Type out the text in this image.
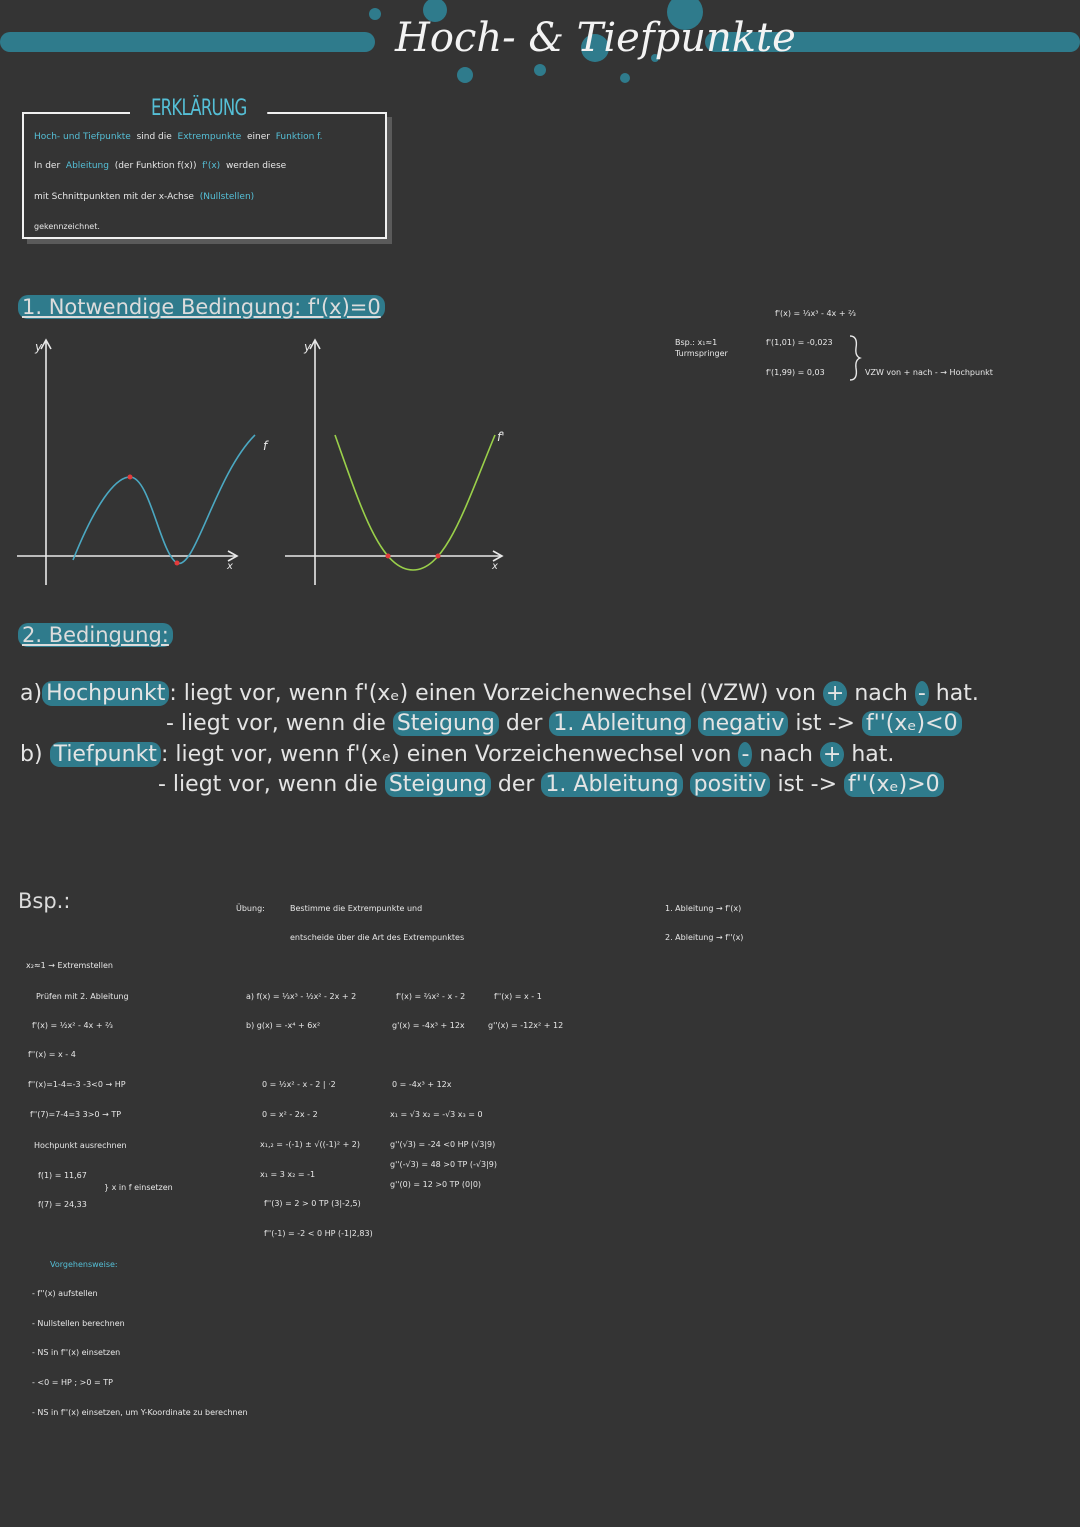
Hoch- & Tiefpunkte
ERKLÄRUNG
Hoch- und Tiefpunkte sind die Extrempunkte einer Funktion f.
In der Ableitung (der Funktion f(x)) f'(x) werden diese
mit Schnittpunkten mit der x-Achse (Nullstellen)
gekennzeichnet.
1. Notwendige Bedingung: f'(x)=0
Bsp.: x₁≈1
Turmspringer
f'(x) = ⅓x³ - 4x + ⅔
f'(1,01) = -0,023
f'(1,99) = 0,03	VZW von + nach - → Hochpunkt
y
x
f
y
x
f'
2. Bedingung:
a) Hochpunkt : liegt vor, wenn f'(xₑ) einen Vorzeichenwechsel (VZW) von + nach - hat.
- liegt vor, wenn die Steigung der 1. Ableitung negativ ist -> f''(xₑ)<0
b) Tiefpunkt : liegt vor, wenn f'(xₑ) einen Vorzeichenwechsel von - nach + hat.
- liegt vor, wenn die Steigung der 1. Ableitung positiv ist -> f''(xₑ)>0
Bsp.:
x₂≈1 → Extremstellen
Prüfen mit 2. Ableitung
f'(x) = ½x² - 4x + ⅔
f''(x) = x - 4
f''(x)=1-4=-3 -3<0 → HP
f''(7)=7-4=3 3>0 → TP
Hochpunkt ausrechnen
f(1) = 11,67
f(7) = 24,33
} x in f einsetzen
Vorgehensweise:
- f''(x) aufstellen
- Nullstellen berechnen
- NS in f''(x) einsetzen
- <0 = HP ; >0 = TP
- NS in f''(x) einsetzen, um Y-Koordinate zu berechnen
Übung:	Bestimme die Extrempunkte und
entscheide über die Art des Extrempunktes
a) f(x) = ⅓x³ - ½x² - 2x + 2
b) g(x) = -x⁴ + 6x²
0 = ½x² - x - 2 | ·2
0 = x² - 2x - 2
x₁,₂ = -(-1) ± √((-1)² + 2)
x₁ = 3 x₂ = -1
f''(3) = 2 > 0 TP (3|-2,5)
f''(-1) = -2 < 0 HP (-1|2,83)
f'(x) = ⅔x² - x - 2
g'(x) = -4x³ + 12x
0 = -4x³ + 12x
x₁ = √3 x₂ = -√3 x₃ = 0
g''(√3) = -24 <0 HP (√3|9)
g''(-√3) = 48 >0 TP (-√3|9)
g''(0) = 12 >0 TP (0|0)
f''(x) = x - 1
g''(x) = -12x² + 12
1. Ableitung → f'(x)
2. Ableitung → f''(x)
